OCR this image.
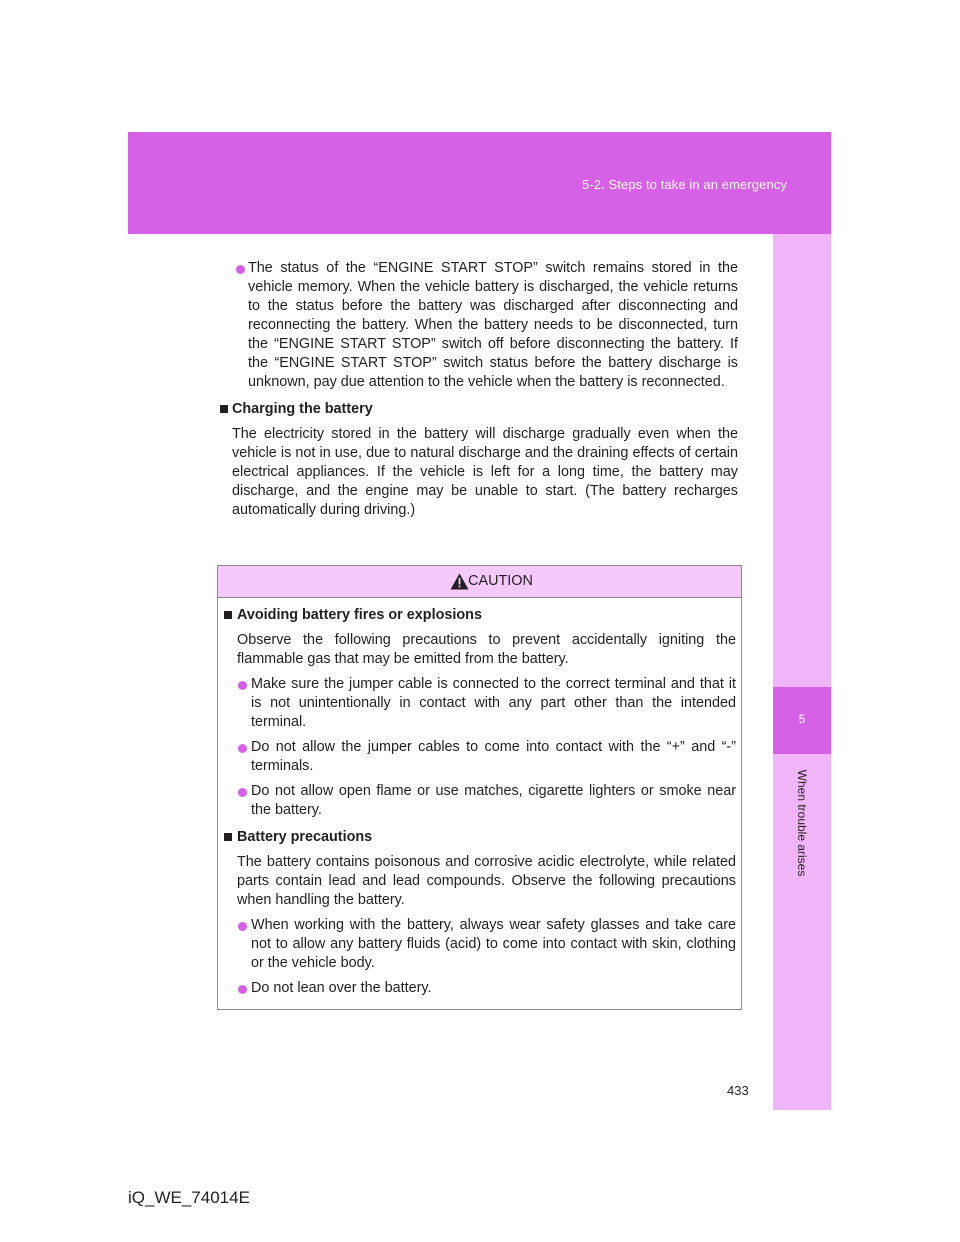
5-2. Steps to take in an emergency
5
When trouble arises

The status of the “ENGINE START STOP” switch remains stored in the vehicle memory. When the vehicle battery is discharged, the vehicle returns to the status before the battery was discharged after disconnecting and reconnecting the battery. When the battery needs to be disconnected, turn the “ENGINE START STOP” switch off before disconnecting the battery. If the “ENGINE START STOP” switch status before the battery discharge is unknown, pay due attention to the vehicle when the battery is reconnected.

Charging the battery

The electricity stored in the battery will discharge gradually even when the vehicle is not in use, due to natural discharge and the draining effects of certain electrical appliances. If the vehicle is left for a long time, the battery may discharge, and the engine may be unable to start. (The battery recharges automatically during driving.)

CAUTION
Avoiding battery fires or explosions

Observe the following precautions to prevent accidentally igniting the flammable gas that may be emitted from the battery.

Make sure the jumper cable is connected to the correct terminal and that it is not unintentionally in contact with any part other than the intended terminal.

Do not allow the jumper cables to come into contact with the “+” and “-” terminals.

Do not allow open flame or use matches, cigarette lighters or smoke near the battery.

Battery precautions

The battery contains poisonous and corrosive acidic electrolyte, while related parts contain lead and lead compounds. Observe the following precautions when handling the battery.

When working with the battery, always wear safety glasses and take care not to allow any battery fluids (acid) to come into contact with skin, clothing or the vehicle body.

Do not lean over the battery.

433
iQ_WE_74014E
